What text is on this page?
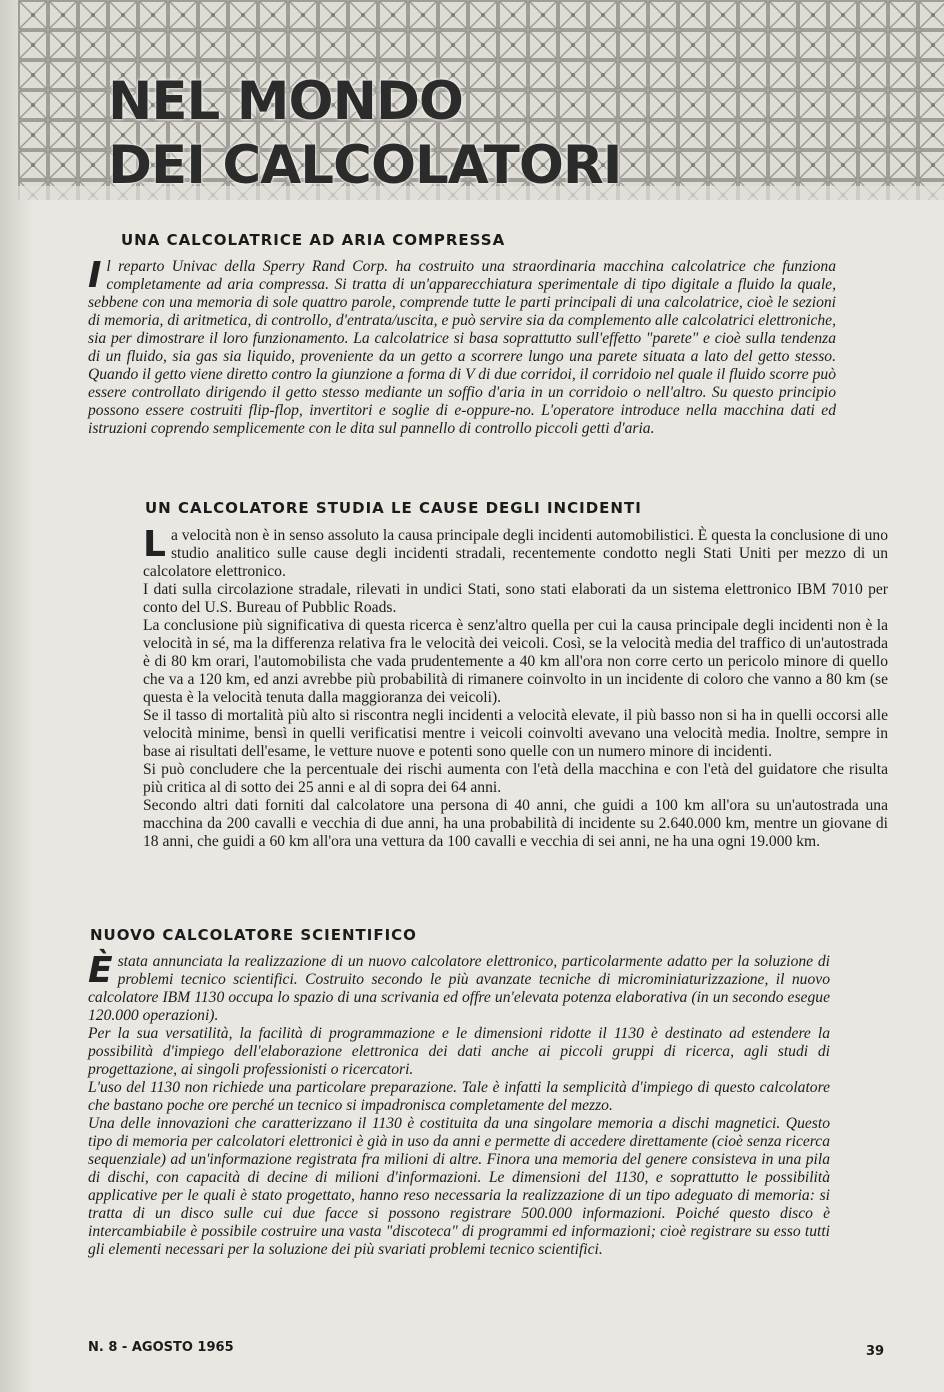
NEL MONDO
DEI CALCOLATORI
UNA CALCOLATRICE AD ARIA COMPRESSA

Il reparto Univac della Sperry Rand Corp. ha costruito una straordinaria macchina calcolatrice che funziona completamente ad aria compressa. Si tratta di un'apparecchiatura sperimentale di tipo digitale a fluido la quale, sebbene con una memoria di sole quattro parole, comprende tutte le parti principali di una calcolatrice, cioè le sezioni di memoria, di aritmetica, di controllo, d'entrata/uscita, e può servire sia da complemento alle calcolatrici elettroniche, sia per dimostrare il loro funzionamento. La calcolatrice si basa soprattutto sull'effetto "parete" e cioè sulla tendenza di un fluido, sia gas sia liquido, proveniente da un getto a scorrere lungo una parete situata a lato del getto stesso. Quando il getto viene diretto contro la giunzione a forma di V di due corridoi, il corridoio nel quale il fluido scorre può essere controllato dirigendo il getto stesso mediante un soffio d'aria in un corridoio o nell'altro. Su questo principio possono essere costruiti flip-flop, invertitori e soglie di e-oppure-no. L'operatore introduce nella macchina dati ed istruzioni coprendo semplicemente con le dita sul pannello di controllo piccoli getti d'aria.

UN CALCOLATORE STUDIA LE CAUSE DEGLI INCIDENTI

La velocità non è in senso assoluto la causa principale degli incidenti automobilistici. È questa la conclusione di uno studio analitico sulle cause degli incidenti stradali, recentemente condotto negli Stati Uniti per mezzo di un calcolatore elettronico.

I dati sulla circolazione stradale, rilevati in undici Stati, sono stati elaborati da un sistema elettronico IBM 7010 per conto del U.S. Bureau of Pubblic Roads.

La conclusione più significativa di questa ricerca è senz'altro quella per cui la causa principale degli incidenti non è la velocità in sé, ma la differenza relativa fra le velocità dei veicoli. Così, se la velocità media del traffico di un'autostrada è di 80 km orari, l'automobilista che vada prudentemente a 40 km all'ora non corre certo un pericolo minore di quello che va a 120 km, ed anzi avrebbe più probabilità di rimanere coinvolto in un incidente di coloro che vanno a 80 km (se questa è la velocità tenuta dalla maggioranza dei veicoli).

Se il tasso di mortalità più alto si riscontra negli incidenti a velocità elevate, il più basso non si ha in quelli occorsi alle velocità minime, bensì in quelli verificatisi mentre i veicoli coinvolti avevano una velocità media. Inoltre, sempre in base ai risultati dell'esame, le vetture nuove e potenti sono quelle con un numero minore di incidenti.

Si può concludere che la percentuale dei rischi aumenta con l'età della macchina e con l'età del guidatore che risulta più critica al di sotto dei 25 anni e al di sopra dei 64 anni.

Secondo altri dati forniti dal calcolatore una persona di 40 anni, che guidi a 100 km all'ora su un'autostrada una macchina da 200 cavalli e vecchia di due anni, ha una probabilità di incidente su 2.640.000 km, mentre un giovane di 18 anni, che guidi a 60 km all'ora una vettura da 100 cavalli e vecchia di sei anni, ne ha una ogni 19.000 km.

NUOVO CALCOLATORE SCIENTIFICO

Èstata annunciata la realizzazione di un nuovo calcolatore elettronico, particolarmente adatto per la soluzione di problemi tecnico scientifici. Costruito secondo le più avanzate tecniche di microminiaturizzazione, il nuovo calcolatore IBM 1130 occupa lo spazio di una scrivania ed offre un'elevata potenza elaborativa (in un secondo esegue 120.000 operazioni).

Per la sua versatilità, la facilità di programmazione e le dimensioni ridotte il 1130 è destinato ad estendere la possibilità d'impiego dell'elaborazione elettronica dei dati anche ai piccoli gruppi di ricerca, agli studi di progettazione, ai singoli professionisti o ricercatori.

L'uso del 1130 non richiede una particolare preparazione. Tale è infatti la semplicità d'impiego di questo calcolatore che bastano poche ore perché un tecnico si impadronisca completamente del mezzo.

Una delle innovazioni che caratterizzano il 1130 è costituita da una singolare memoria a dischi magnetici. Questo tipo di memoria per calcolatori elettronici è già in uso da anni e permette di accedere direttamente (cioè senza ricerca sequenziale) ad un'informazione registrata fra milioni di altre. Finora una memoria del genere consisteva in una pila di dischi, con capacità di decine di milioni d'informazioni. Le dimensioni del 1130, e soprattutto le possibilità applicative per le quali è stato progettato, hanno reso necessaria la realizzazione di un tipo adeguato di memoria: si tratta di un disco sulle cui due facce si possono registrare 500.000 informazioni. Poiché questo disco è intercambiabile è possibile costruire una vasta "discoteca" di programmi ed informazioni; cioè registrare su esso tutti gli elementi necessari per la soluzione dei più svariati problemi tecnico scientifici.

N. 8 - AGOSTO 1965	39
